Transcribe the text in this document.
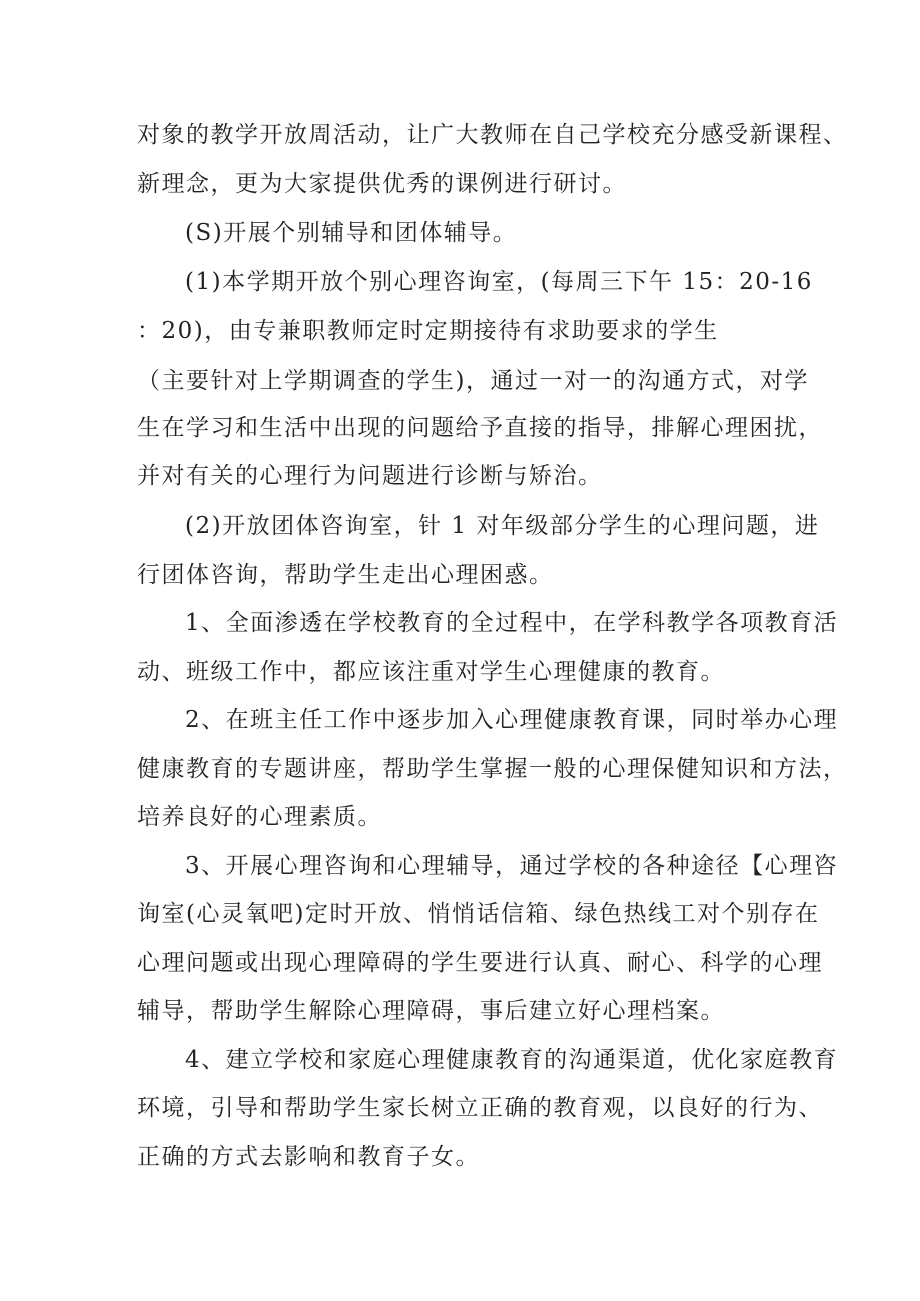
对象的教学开放周活动，让广大教师在自己学校充分感受新课程、
新理念，更为大家提供优秀的课例进行研讨。
(S)开展个别辅导和团体辅导。
(1)本学期开放个别心理咨询室，(每周三下午 15：20-16
：20)，由专兼职教师定时定期接待有求助要求的学生
（主要针对上学期调查的学生)，通过一对一的沟通方式，对学
生在学习和生活中出现的问题给予直接的指导，排解心理困扰，
并对有关的心理行为问题进行诊断与矫治。
(2)开放团体咨询室，针 1 对年级部分学生的心理问题，进
行团体咨询，帮助学生走出心理困惑。
1、全面渗透在学校教育的全过程中，在学科教学各项教育活
动、班级工作中，都应该注重对学生心理健康的教育。
2、在班主任工作中逐步加入心理健康教育课，同时举办心理
健康教育的专题讲座，帮助学生掌握一般的心理保健知识和方法，
培养良好的心理素质。
3、开展心理咨询和心理辅导，通过学校的各种途径【心理咨
询室(心灵氧吧)定时开放、悄悄话信箱、绿色热线工对个别存在
心理问题或出现心理障碍的学生要进行认真、耐心、科学的心理
辅导，帮助学生解除心理障碍，事后建立好心理档案。
4、建立学校和家庭心理健康教育的沟通渠道，优化家庭教育
环境，引导和帮助学生家长树立正确的教育观，以良好的行为、
正确的方式去影响和教育子女。
